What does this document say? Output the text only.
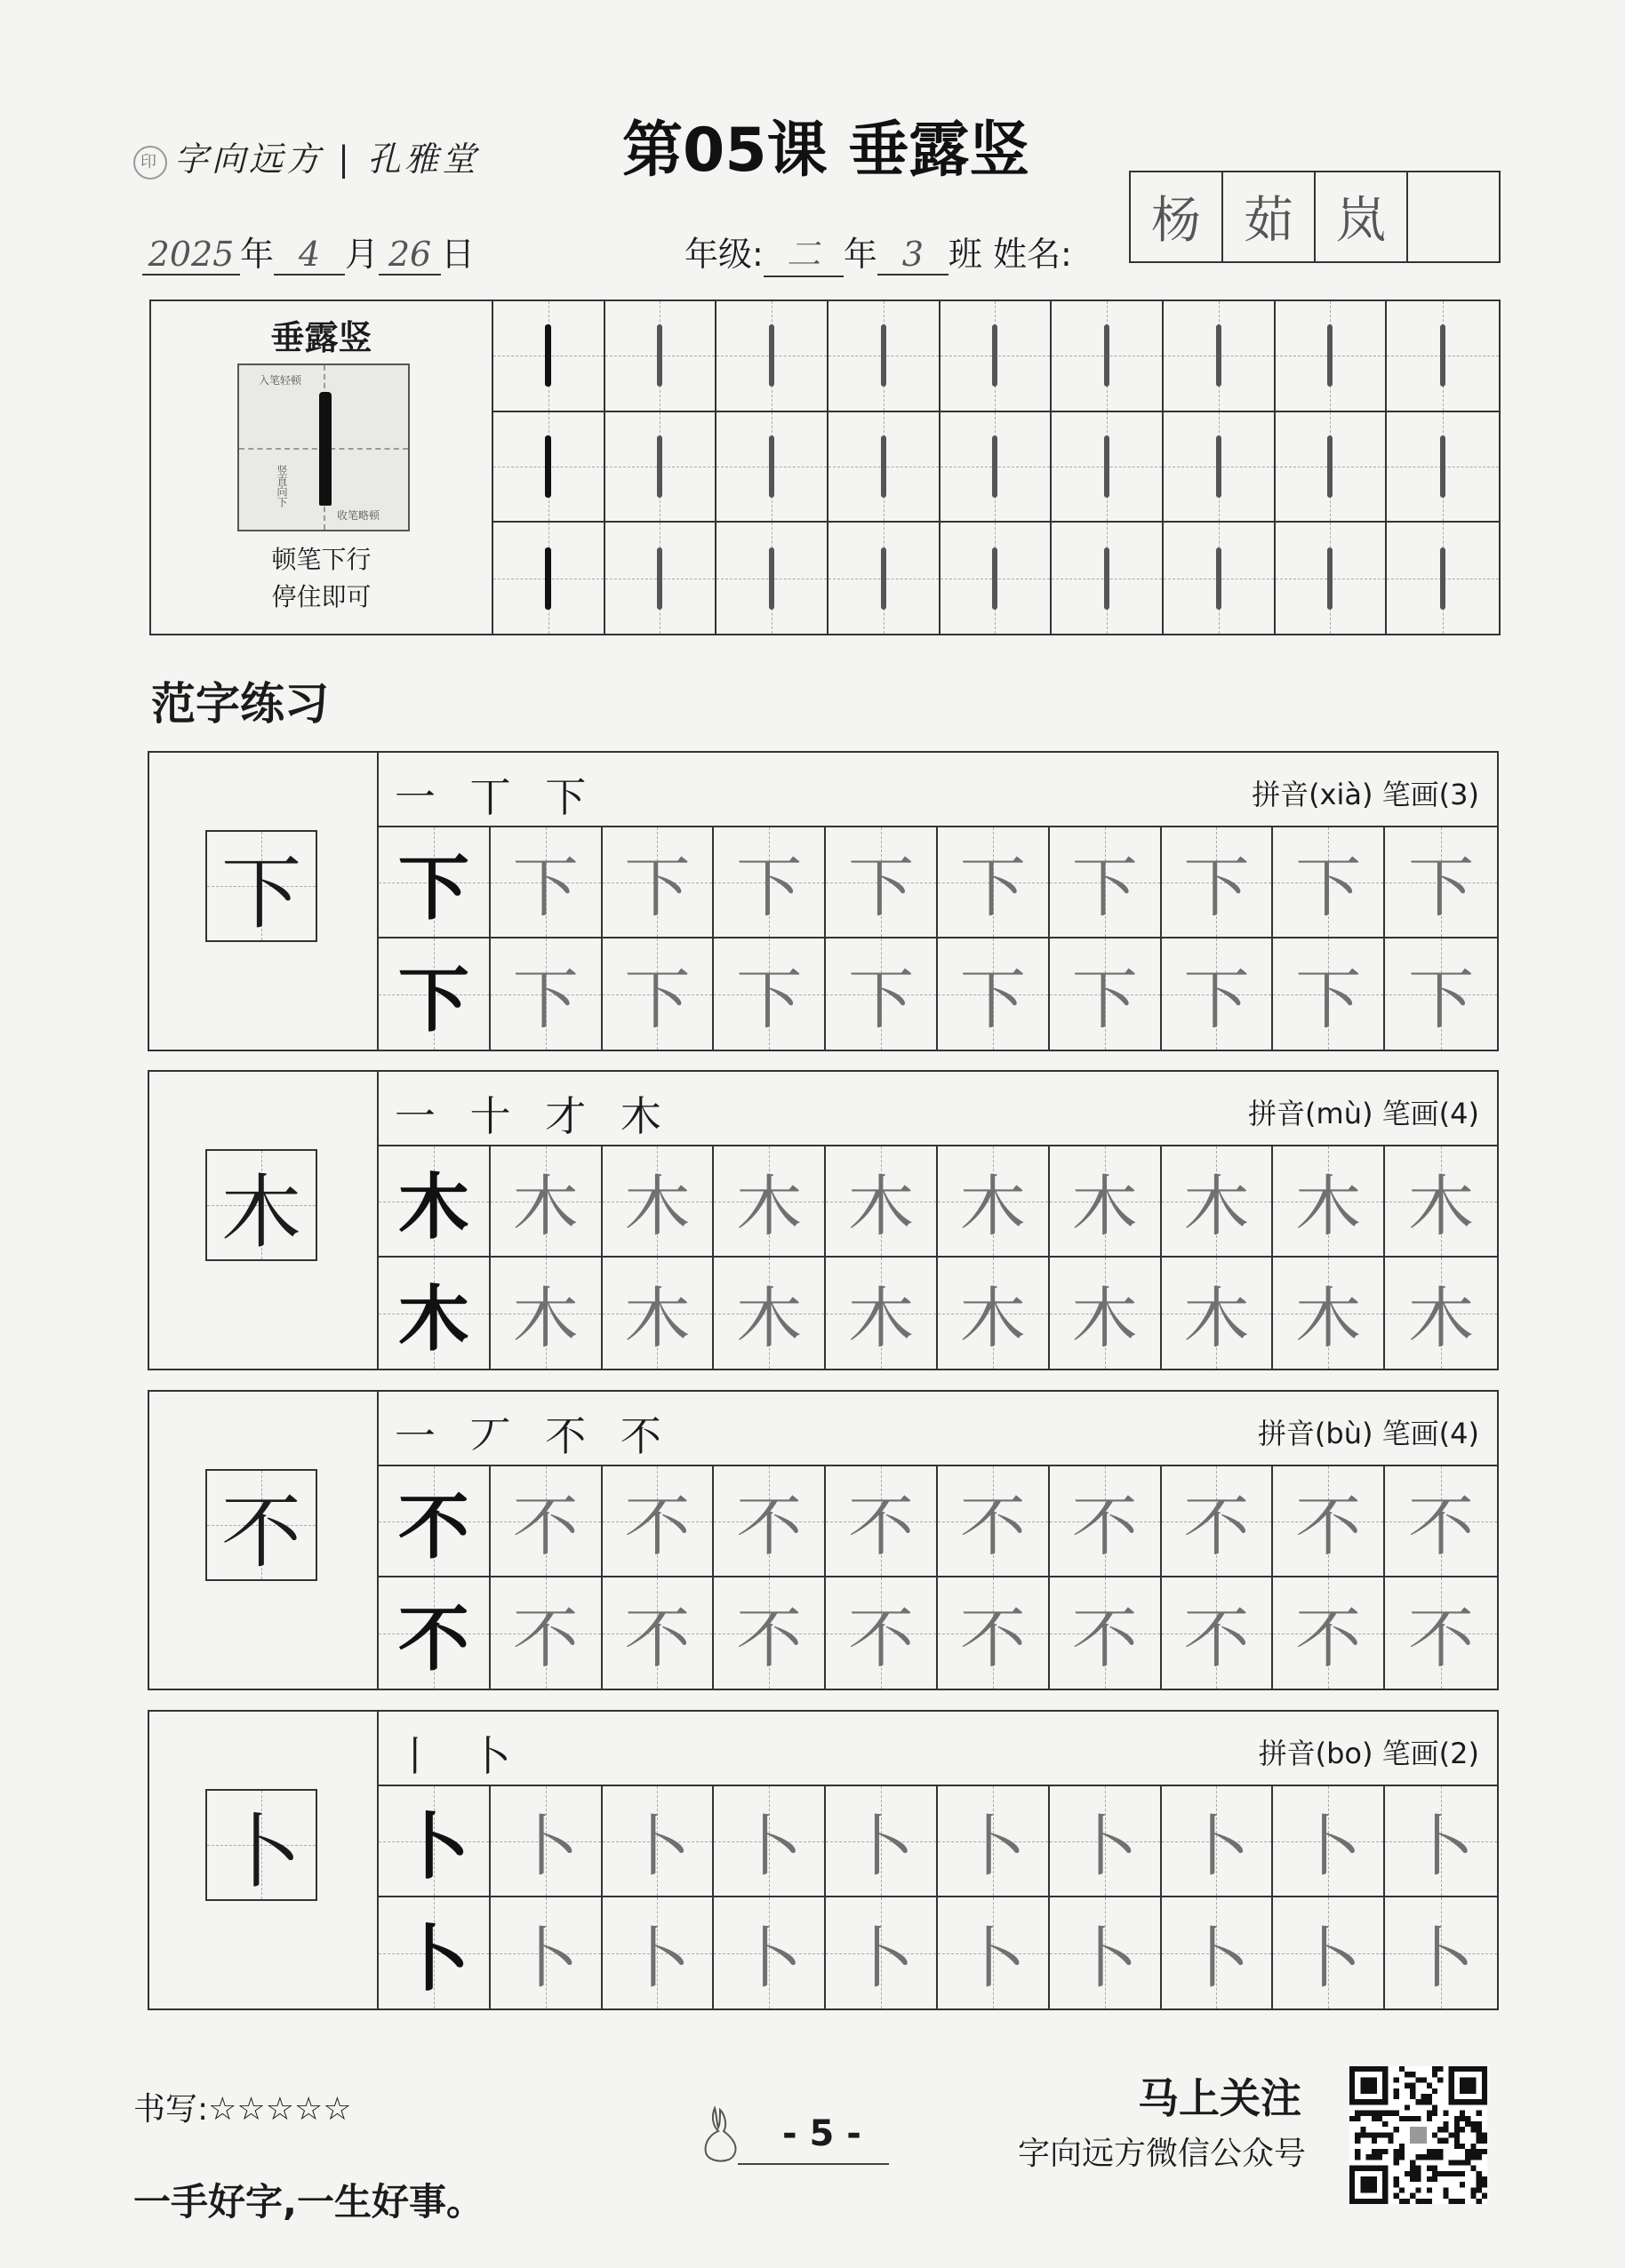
印 字向远方 | 孔雅堂 第05课 垂露竖
2025 年 4 月 26 日	年级: 二 年 3 班 姓名:
杨 茹 岚
垂露竖
入笔轻顿
竖直向下
收笔略顿
顿笔下行
停住即可
范字练习
下
一 丅 下	拼音(xià) 笔画(3)
下 下 下 下 下 下 下 下 下 下
下 下 下 下 下 下 下 下 下 下
木
一 十 才 木	拼音(mù) 笔画(4)
木 木 木 木 木 木 木 木 木 木
木 木 木 木 木 木 木 木 木 木
不
一 丆 不 不	拼音(bù) 笔画(4)
不 不 不 不 不 不 不 不 不 不
不 不 不 不 不 不 不 不 不 不
卜
丨 卜	拼音(bo) 笔画(2)
卜 卜 卜 卜 卜 卜 卜 卜 卜 卜
卜 卜 卜 卜 卜 卜 卜 卜 卜 卜
书写:☆☆☆☆☆
一手好字,一生好事。
- 5 -
马上关注
字向远方微信公众号
